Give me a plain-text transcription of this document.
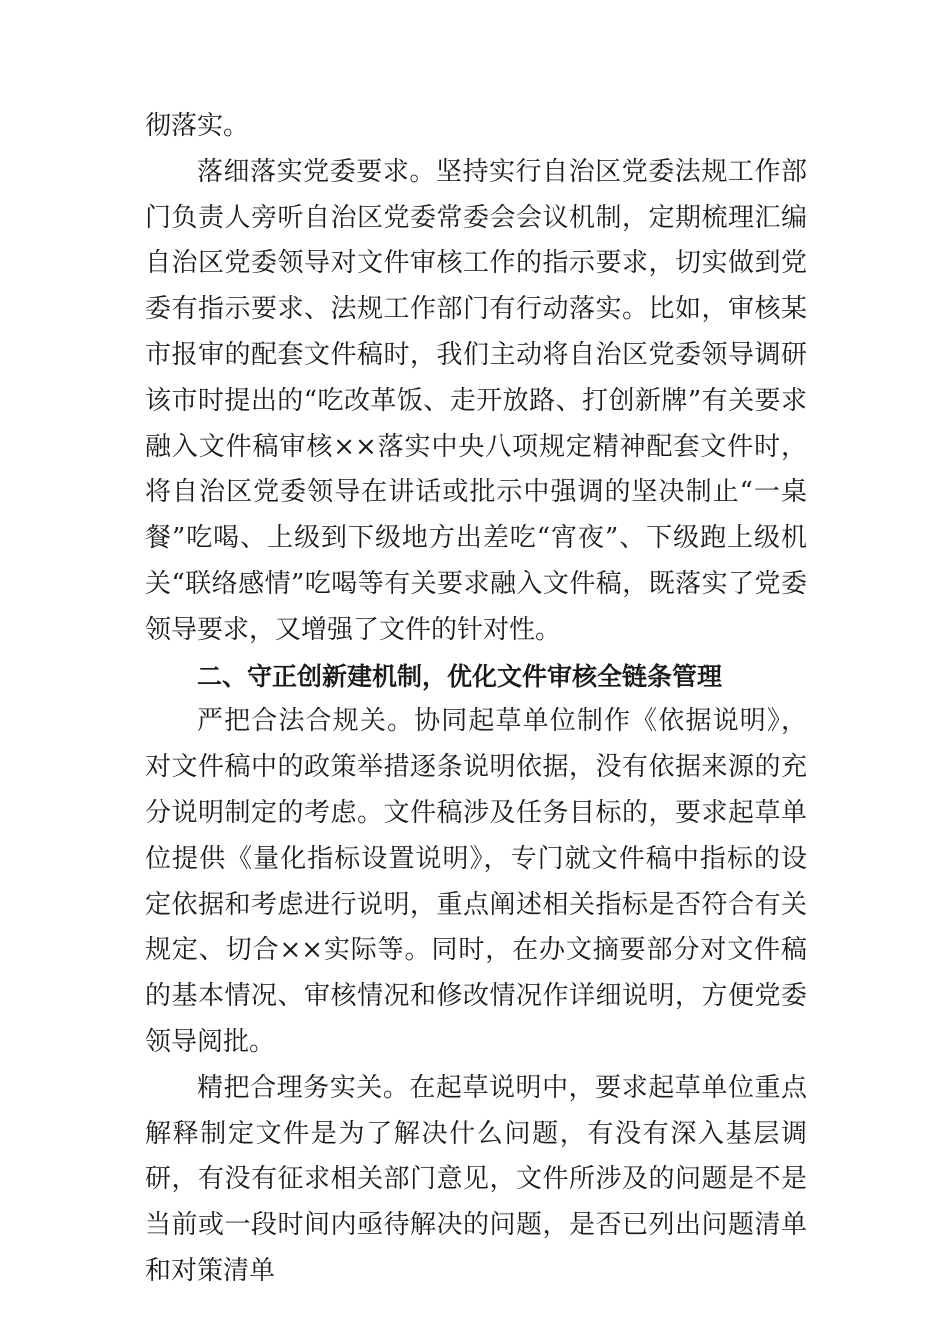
彻落实。

落细落实党委要求。坚持实行自治区党委法规工作部门负责人旁听自治区党委常委会会议机制，定期梳理汇编自治区党委领导对文件审核工作的指示要求，切实做到党委有指示要求、法规工作部门有行动落实。比如，审核某市报审的配套文件稿时，我们主动将自治区党委领导调研该市时提出的“吃改革饭、走开放路、打创新牌”有关要求融入文件稿审核××落实中央八项规定精神配套文件时，将自治区党委领导在讲话或批示中强调的坚决制止“一桌餐”吃喝、上级到下级地方出差吃“宵夜”、下级跑上级机关“联络感情”吃喝等有关要求融入文件稿，既落实了党委领导要求，又增强了文件的针对性。

二、守正创新建机制，优化文件审核全链条管理

严把合法合规关。协同起草单位制作《依据说明》，对文件稿中的政策举措逐条说明依据，没有依据来源的充分说明制定的考虑。文件稿涉及任务目标的，要求起草单位提供《量化指标设置说明》，专门就文件稿中指标的设定依据和考虑进行说明，重点阐述相关指标是否符合有关规定、切合××实际等。同时，在办文摘要部分对文件稿的基本情况、审核情况和修改情况作详细说明，方便党委领导阅批。

精把合理务实关。在起草说明中，要求起草单位重点解释制定文件是为了解决什么问题，有没有深入基层调研，有没有征求相关部门意见，文件所涉及的问题是不是当前或一段时间内亟待解决的问题，是否已列出问题清单和对策清单
